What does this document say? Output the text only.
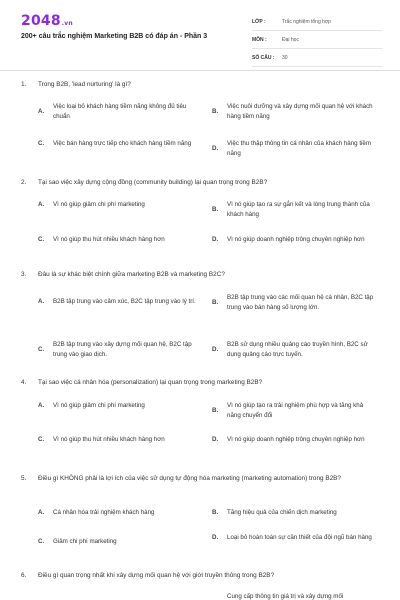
2048.vn
200+ câu trắc nghiệm Marketing B2B có đáp án - Phần 3
LỚP :	Trắc nghiệm tổng hợp
MÔN :	Đại học
SỐ CÂU :	30
1. Trong B2B, 'lead nurturing' là gì?
A.
Việc loại bỏ khách hàng tiềm năng không đủ tiêu chuẩn
B.
Việc nuôi dưỡng và xây dựng mối quan hệ với khách hàng tiềm năng
C.	Việc bán hàng trực tiếp cho khách hàng tiềm năng
D.
Việc thu thập thông tin cá nhân của khách hàng tiềm năng
2. Tại sao việc xây dựng cộng đồng (community building) lại quan trọng trong B2B?
A.	Vì nó giúp giảm chi phí marketing
B.
Vì nó giúp tạo ra sự gắn kết và lòng trung thành của khách hàng
C.	Vì nó giúp thu hút nhiều khách hàng hơn	D.	Vì nó giúp doanh nghiệp trông chuyên nghiệp hơn
3. Đâu là sự khác biệt chính giữa marketing B2B và marketing B2C?
A.	B2B tập trung vào cảm xúc, B2C tập trung vào lý trí.	B.
B2B tập trung vào các mối quan hệ cá nhân, B2C tập trung vào bán hàng số lượng lớn.
C.
B2B tập trung vào xây dựng mối quan hệ, B2C tập trung vào giao dịch.
D.
B2B sử dụng nhiều quảng cáo truyền hình, B2C sử dụng quảng cáo trực tuyến.
4. Tại sao việc cá nhân hóa (personalization) lại quan trọng trong marketing B2B?
A.	Vì nó giúp giảm chi phí marketing
B.
Vì nó giúp tạo ra trải nghiệm phù hợp và tăng khả năng chuyển đổi
C.	Vì nó giúp thu hút nhiều khách hàng hơn	D.	Vì nó giúp doanh nghiệp trông chuyên nghiệp hơn
5. Điều gì KHÔNG phải là lợi ích của việc sử dụng tự động hóa marketing (marketing automation) trong B2B?
A.	Cá nhân hóa trải nghiệm khách hàng	B.	Tăng hiệu quả của chiến dịch marketing
C.	Giảm chi phí marketing
D.	Loại bỏ hoàn toàn sự cần thiết của đội ngũ bán hàng
6. Điều gì quan trọng nhất khi xây dựng mối quan hệ với giới truyền thông trong B2B?
Cung cấp thông tin giá trị và xây dựng mối
